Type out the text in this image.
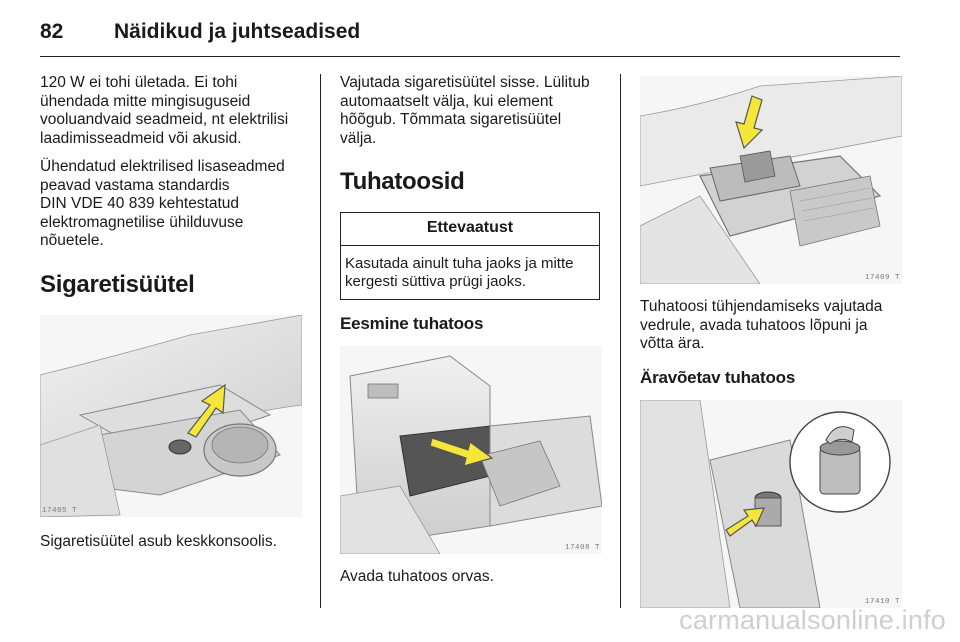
82 Näidikud ja juhtseadised

120 W ei tohi ületada. Ei tohi
ühendada mitte mingisuguseid
vooluandvaid seadmeid, nt elektrilisi
laadimisseadmeid või akusid.

Ühendatud elektrilised lisaseadmed
peavad vastama standardis
DIN VDE 40 839 kehtestatud
elektromagnetilise ühilduvuse
nõuetele.

Sigaretisüütel
17405 T

Sigaretisüütel asub keskkonsoolis.

Vajutada sigaretisüütel sisse. Lülitub
automaatselt välja, kui element
hõõgub. Tõmmata sigaretisüütel
välja.

Tuhatoosid
Ettevaatust
Kasutada ainult tuha jaoks ja mitte
kergesti süttiva prügi jaoks.
Eesmine tuhatoos
17408 T

Avada tuhatoos orvas.

17409 T

Tuhatoosi tühjendamiseks vajutada
vedrule, avada tuhatoos lõpuni ja
võtta ära.

Äravõetav tuhatoos
17410 T
carmanualsonline.info
